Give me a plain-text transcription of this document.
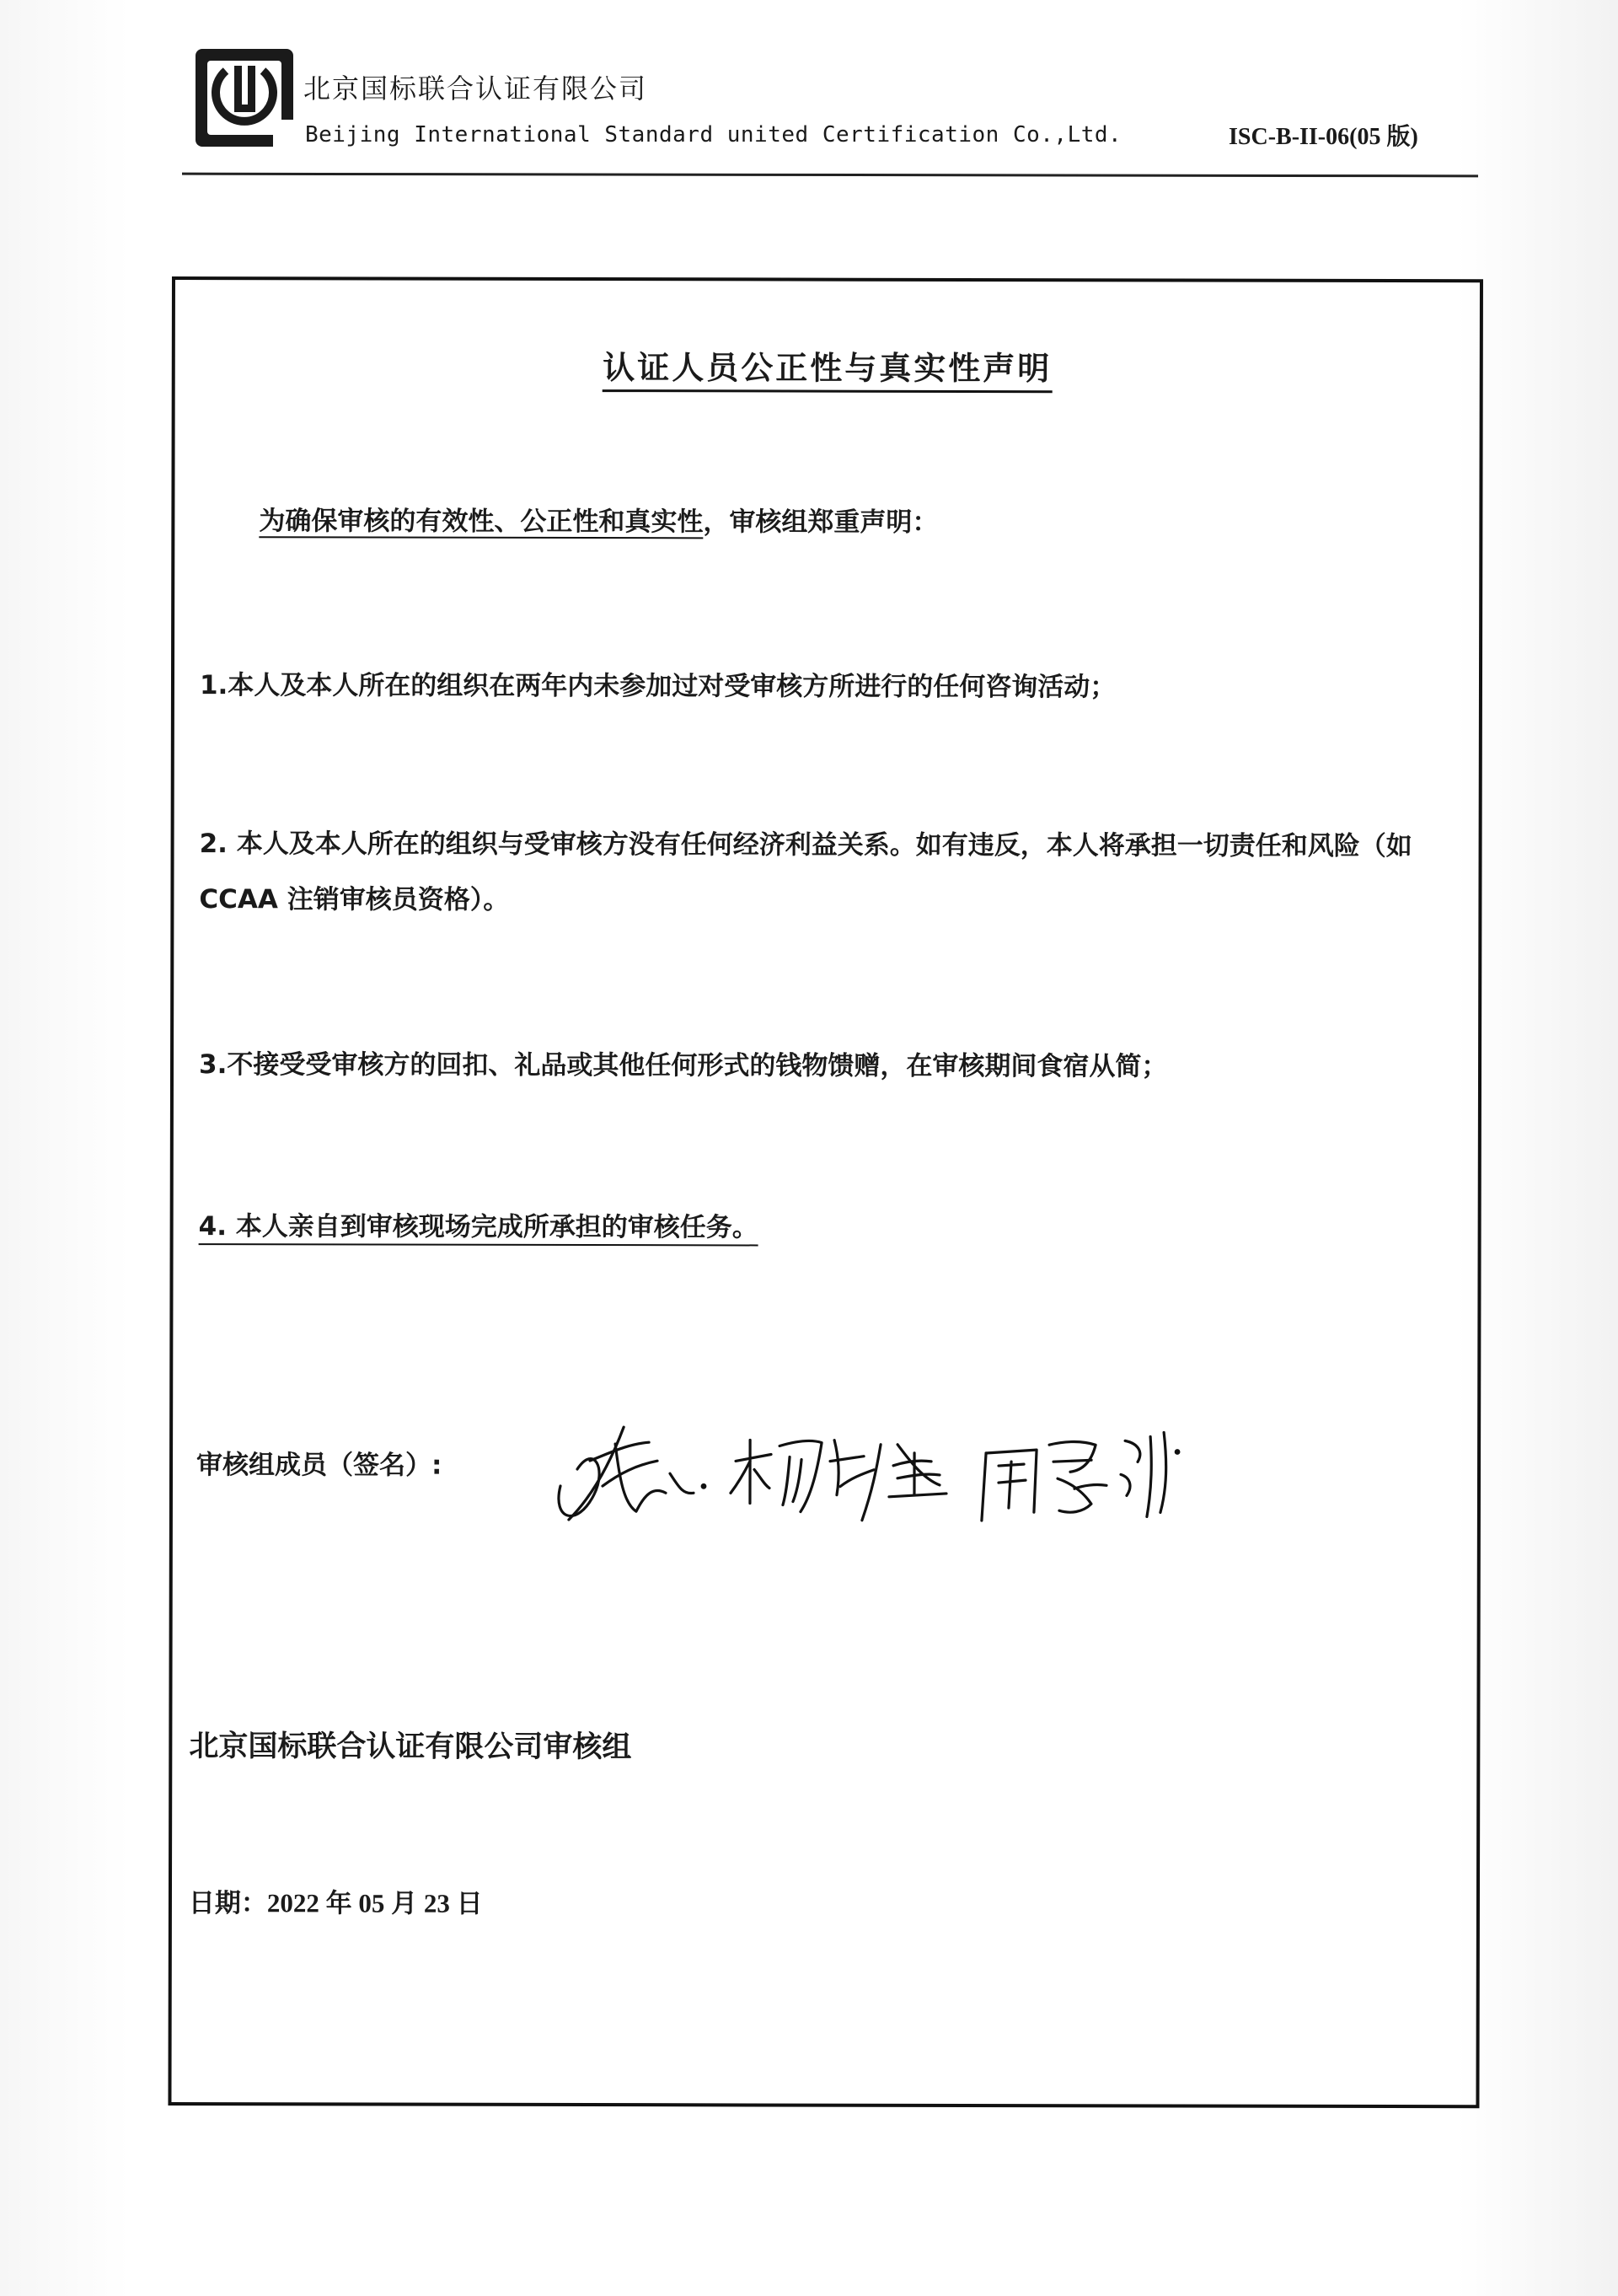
北京国标联合认证有限公司
Beijing International Standard united Certification Co.,Ltd.	ISC-B-II-06(05 版)
认证人员公正性与真实性声明
为确保审核的有效性、公正性和真实性，审核组郑重声明：
1.本人及本人所在的组织在两年内未参加过对受审核方所进行的任何咨询活动；
2. 本人及本人所在的组织与受审核方没有任何经济利益关系。如有违反，本人将承担一切责任和风险（如 CCAA 注销审核员资格）。
3.不接受受审核方的回扣、礼品或其他任何形式的钱物馈赠，在审核期间食宿从简；
4. 本人亲自到审核现场完成所承担的审核任务。
审核组成员（签名）:
北京国标联合认证有限公司审核组
日期：2022 年 05 月 23 日
